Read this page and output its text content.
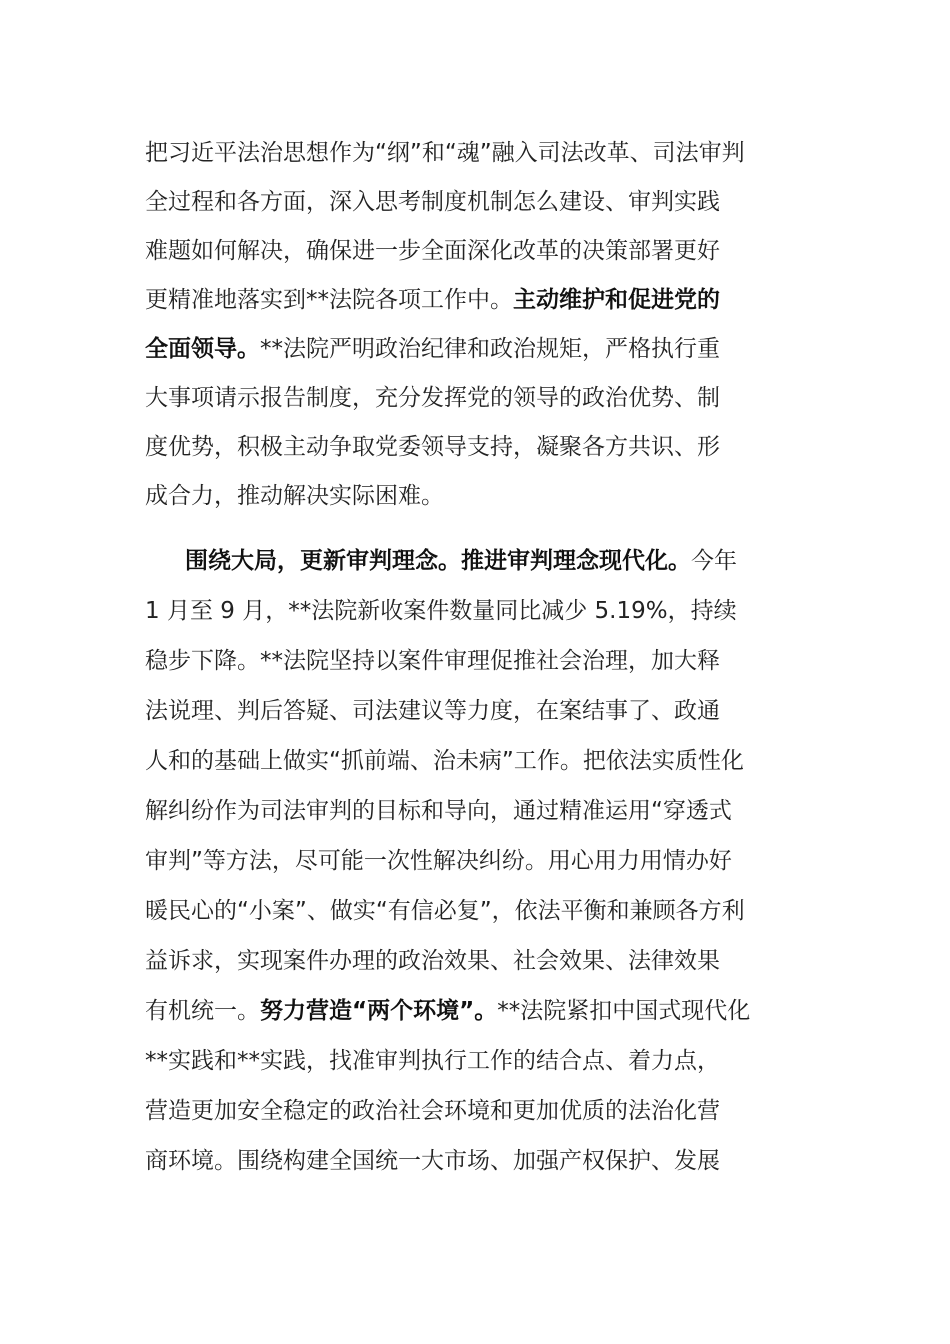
把习近平法治思想作为“纲”和“魂”融入司法改革、司法审判
全过程和各方面，深入思考制度机制怎么建设、审判实践
难题如何解决，确保进一步全面深化改革的决策部署更好
更精准地落实到**法院各项工作中。主动维护和促进党的
全面领导。**法院严明政治纪律和政治规矩，严格执行重
大事项请示报告制度，充分发挥党的领导的政治优势、制
度优势，积极主动争取党委领导支持，凝聚各方共识、形
成合力，推动解决实际困难。
围绕大局，更新审判理念。推进审判理念现代化。今年
1 月至 9 月，**法院新收案件数量同比减少 5.19%，持续
稳步下降。**法院坚持以案件审理促推社会治理，加大释
法说理、判后答疑、司法建议等力度，在案结事了、政通
人和的基础上做实“抓前端、治未病”工作。把依法实质性化
解纠纷作为司法审判的目标和导向，通过精准运用“穿透式
审判”等方法，尽可能一次性解决纠纷。用心用力用情办好
暖民心的“小案”、做实“有信必复”，依法平衡和兼顾各方利
益诉求，实现案件办理的政治效果、社会效果、法律效果
有机统一。努力营造“两个环境”。**法院紧扣中国式现代化
**实践和**实践，找准审判执行工作的结合点、着力点，
营造更加安全稳定的政治社会环境和更加优质的法治化营
商环境。围绕构建全国统一大市场、加强产权保护、发展
